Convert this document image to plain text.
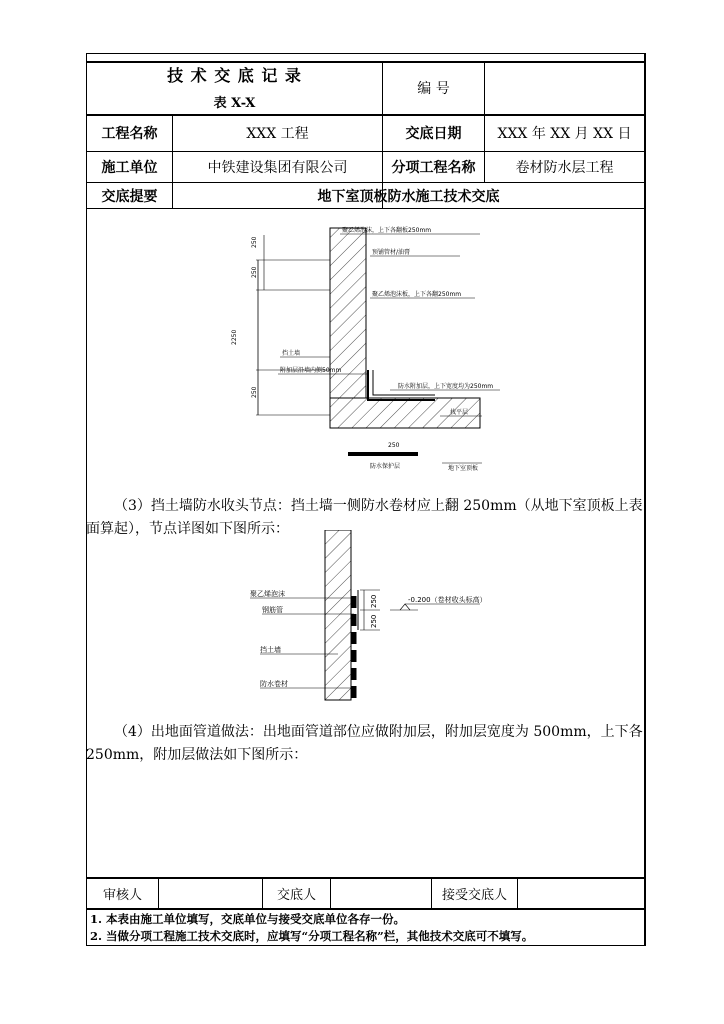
技 术 交 底 记 录
表 X-X
编 号
工程名称	XXX 工程	交底日期	XXX 年 XX 月 XX 日
施工单位	中铁建设集团有限公司	分项工程名称	卷材防水层工程
交底提要	地下室顶板防水施工技术交底
250
250
2250
250
250
聚乙烯泡沫，上下各翻板250mm
预铺管材/油膏
聚乙烯泡沫板，上下各翻250mm
挡土墙
附加层沿墙内侧50mm
防水附加层，上下宽度均为250mm
找平层
防水保护层	地下室顶板
（3）挡土墙防水收头节点：挡土墙一侧防水卷材应上翻 250mm（从地下室顶板上表面算起），节点详图如下图所示：
250
250
-0.200（卷材收头标高）
聚乙烯泡沫
钢筋管
挡土墙
防水卷材
（4）出地面管道做法：出地面管道部位应做附加层，附加层宽度为 500mm，上下各 250mm，附加层做法如下图所示：
审核人	交底人	接受交底人
1. 本表由施工单位填写，交底单位与接受交底单位各存一份。
2. 当做分项工程施工技术交底时，应填写“分项工程名称”栏，其他技术交底可不填写。
